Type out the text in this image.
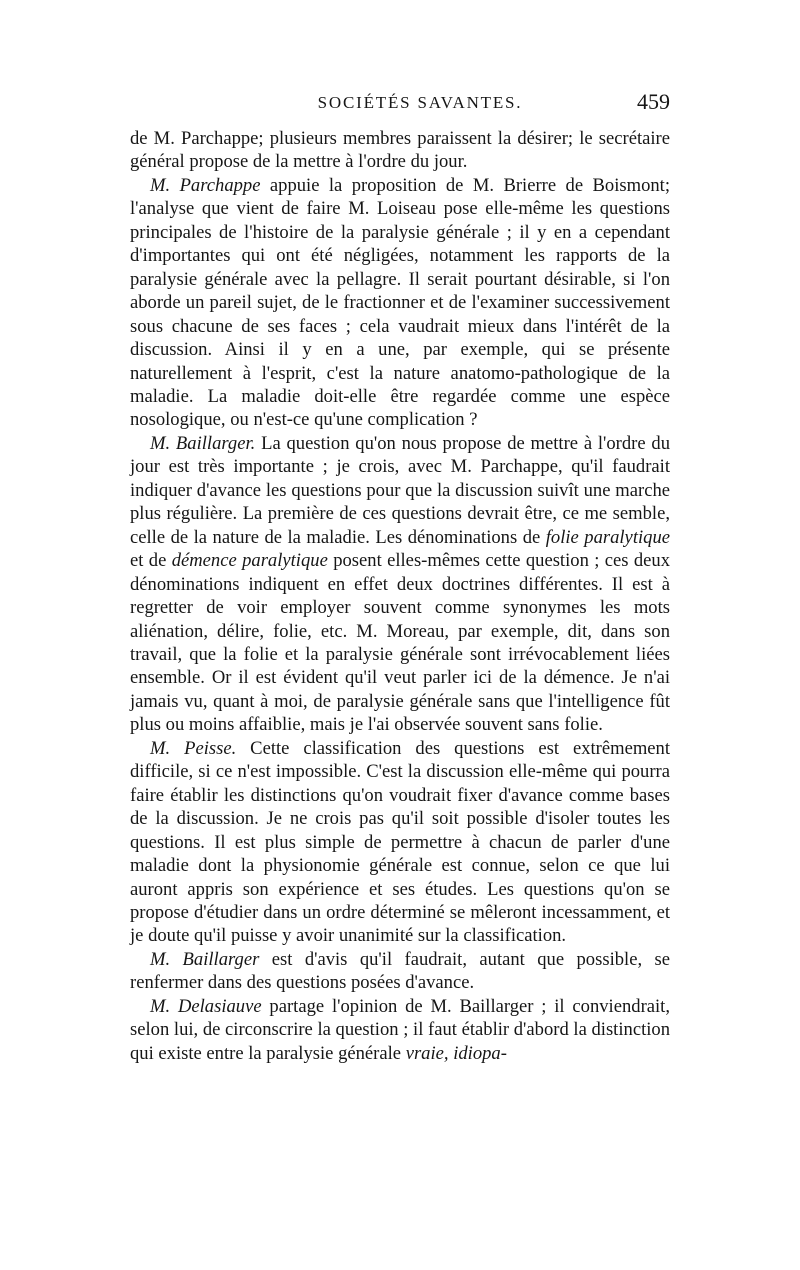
SOCIÉTÉS SAVANTES.	459

de M. Parchappe; plusieurs membres paraissent la désirer; le secrétaire général propose de la mettre à l'ordre du jour.

M. Parchappe appuie la proposition de M. Brierre de Boismont; l'analyse que vient de faire M. Loiseau pose elle-même les questions principales de l'histoire de la paralysie générale ; il y en a cependant d'importantes qui ont été négligées, notamment les rapports de la paralysie générale avec la pellagre. Il serait pourtant désirable, si l'on aborde un pareil sujet, de le fractionner et de l'examiner successivement sous chacune de ses faces ; cela vaudrait mieux dans l'intérêt de la discussion. Ainsi il y en a une, par exemple, qui se présente naturellement à l'esprit, c'est la nature anatomo-pathologique de la maladie. La maladie doit-elle être regardée comme une espèce nosologique, ou n'est-ce qu'une complication ?

M. Baillarger. La question qu'on nous propose de mettre à l'ordre du jour est très importante ; je crois, avec M. Parchappe, qu'il faudrait indiquer d'avance les questions pour que la discussion suivît une marche plus régulière. La première de ces questions devrait être, ce me semble, celle de la nature de la maladie. Les dénominations de folie paralytique et de démence paralytique posent elles-mêmes cette question ; ces deux dénominations indiquent en effet deux doctrines différentes. Il est à regretter de voir employer souvent comme synonymes les mots aliénation, délire, folie, etc. M. Moreau, par exemple, dit, dans son travail, que la folie et la paralysie générale sont irrévocablement liées ensemble. Or il est évident qu'il veut parler ici de la démence. Je n'ai jamais vu, quant à moi, de paralysie générale sans que l'intelligence fût plus ou moins affaiblie, mais je l'ai observée souvent sans folie.

M. Peisse. Cette classification des questions est extrêmement difficile, si ce n'est impossible. C'est la discussion elle-même qui pourra faire établir les distinctions qu'on voudrait fixer d'avance comme bases de la discussion. Je ne crois pas qu'il soit possible d'isoler toutes les questions. Il est plus simple de permettre à chacun de parler d'une maladie dont la physionomie générale est connue, selon ce que lui auront appris son expérience et ses études. Les questions qu'on se propose d'étudier dans un ordre déterminé se mêleront incessamment, et je doute qu'il puisse y avoir unanimité sur la classification.

M. Baillarger est d'avis qu'il faudrait, autant que possible, se renfermer dans des questions posées d'avance.

M. Delasiauve partage l'opinion de M. Baillarger ; il conviendrait, selon lui, de circonscrire la question ; il faut établir d'abord la distinction qui existe entre la paralysie générale vraie, idiopa-
